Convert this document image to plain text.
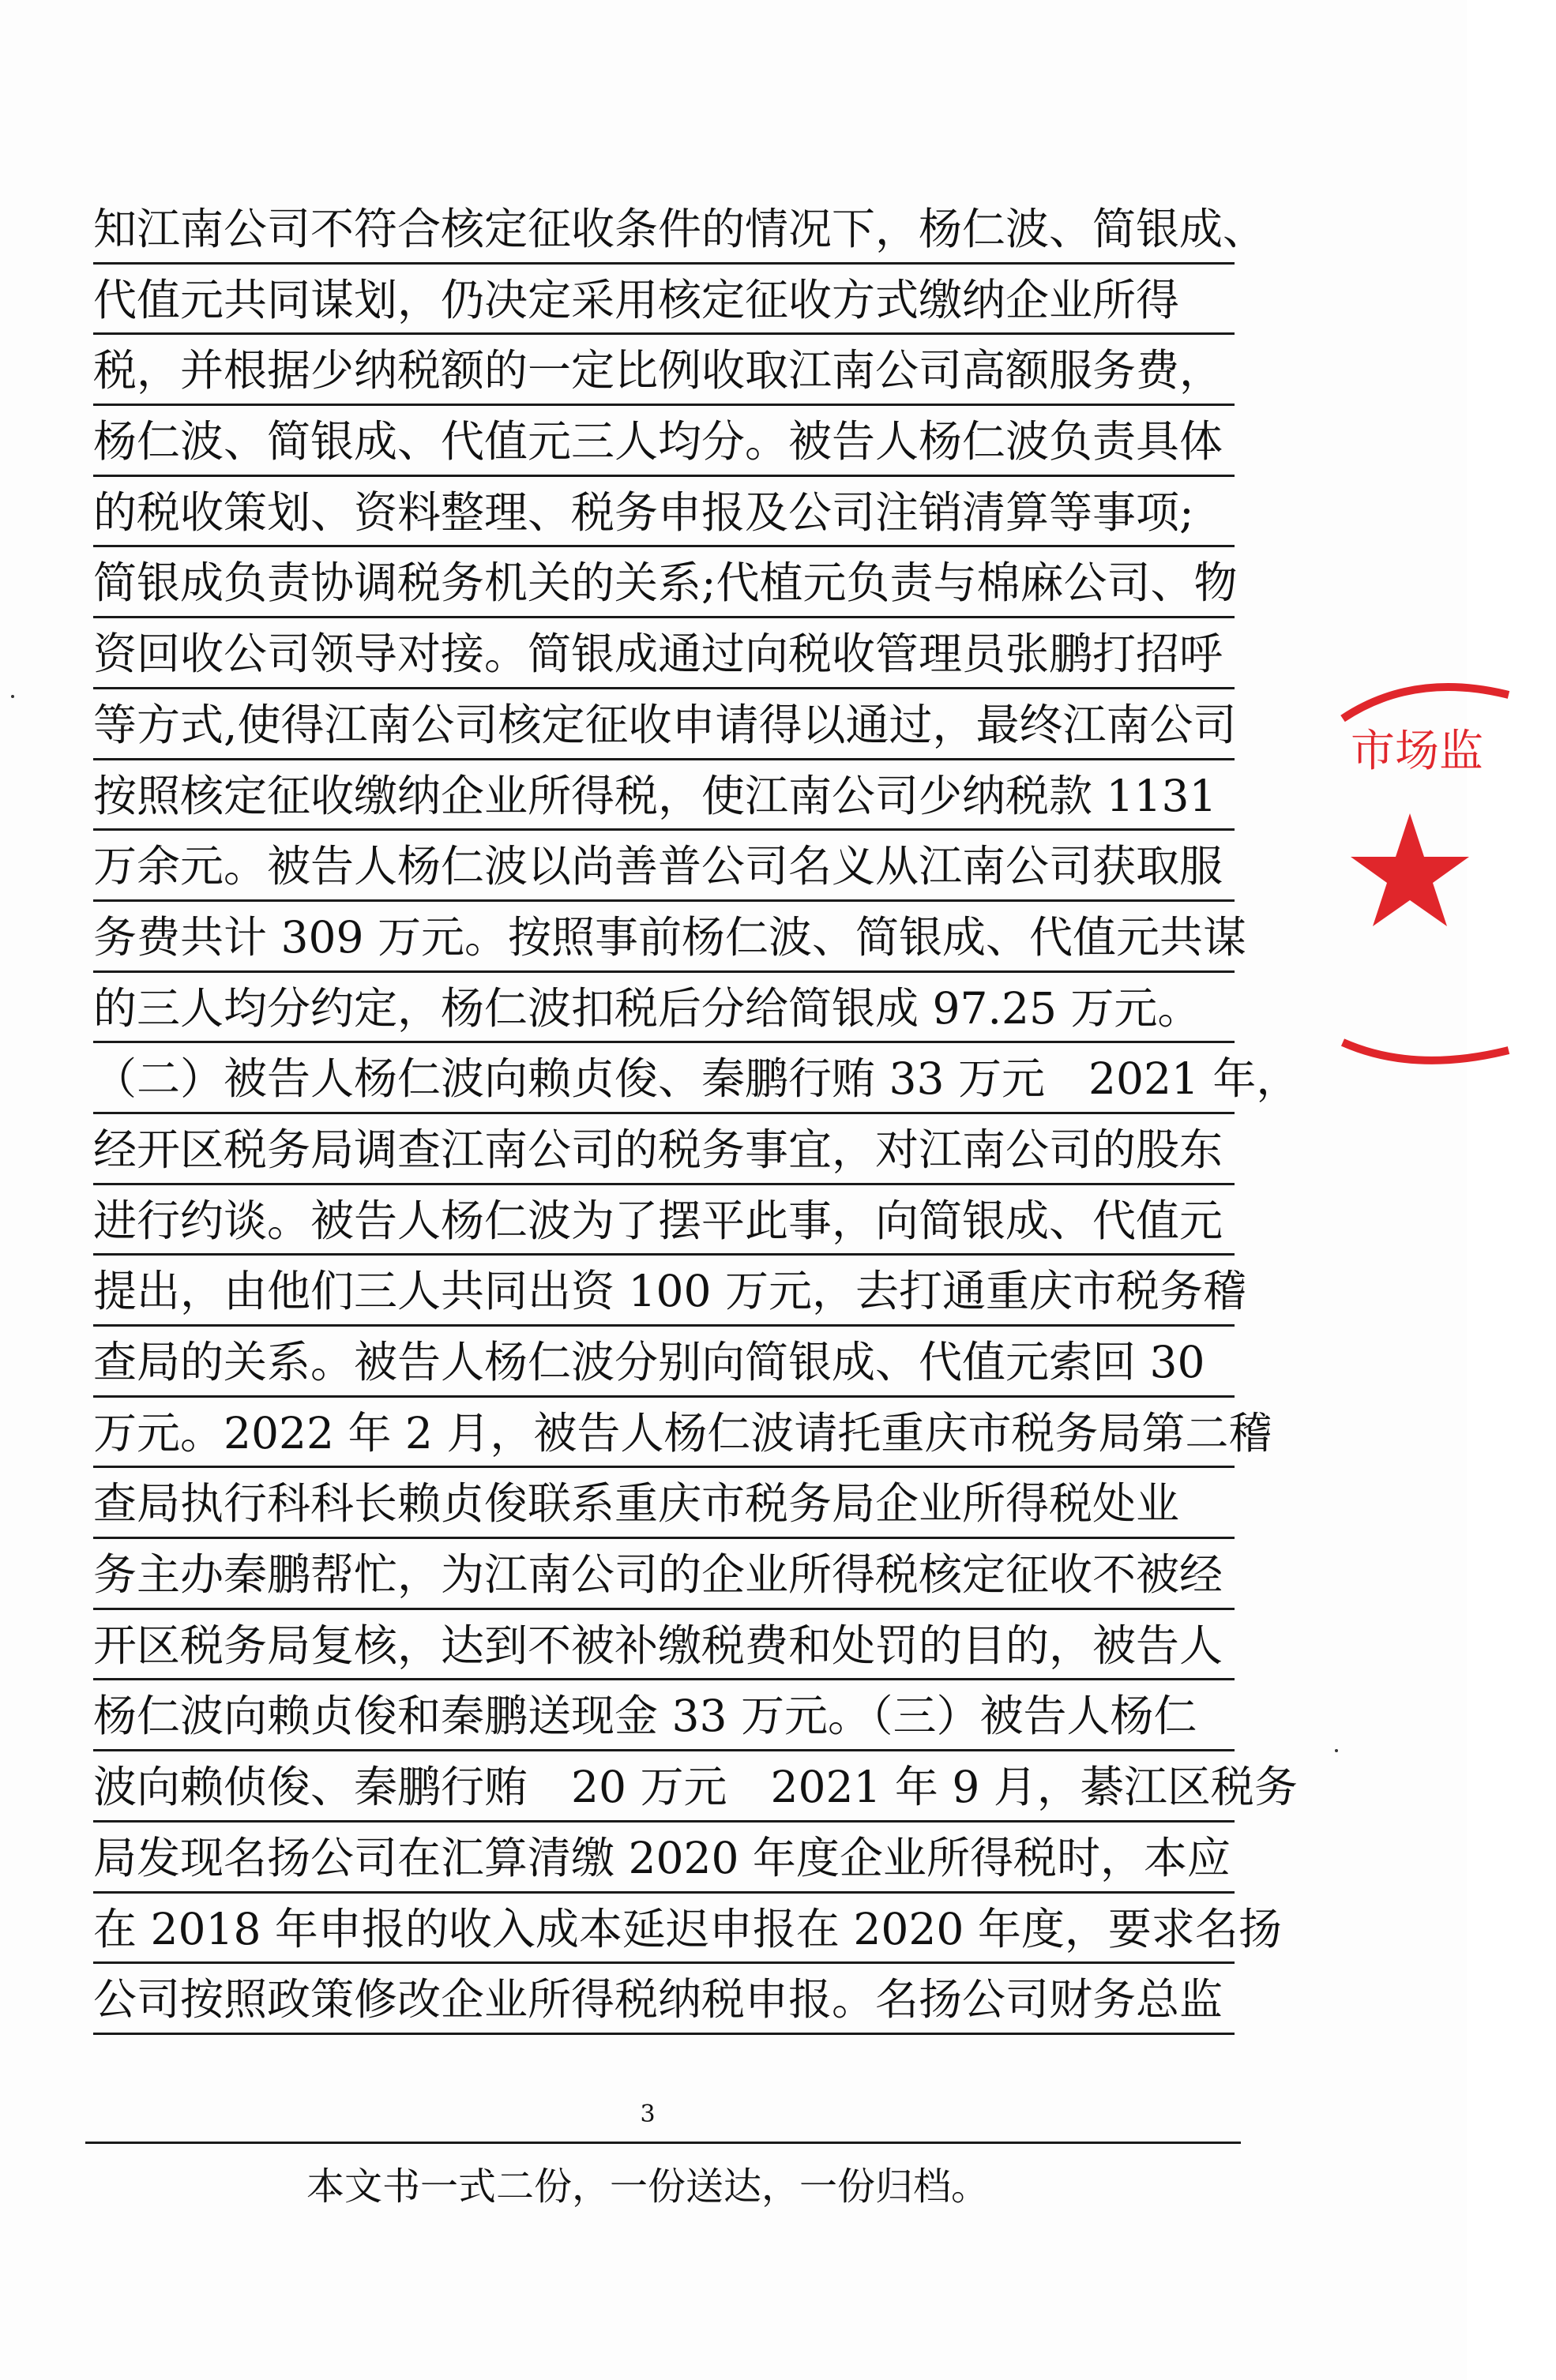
知江南公司不符合核定征收条件的情况下，杨仁波、简银成、
代值元共同谋划，仍决定采用核定征收方式缴纳企业所得
税，并根据少纳税额的一定比例收取江南公司高额服务费，
杨仁波、简银成、代值元三人均分。被告人杨仁波负责具体
的税收策划、资料整理、税务申报及公司注销清算等事项;
简银成负责协调税务机关的关系;代植元负责与棉麻公司、物
资回收公司领导对接。简银成通过向税收管理员张鹏打招呼
等方式,使得江南公司核定征收申请得以通过，最终江南公司
按照核定征收缴纳企业所得税，使江南公司少纳税款 1131
万余元。被告人杨仁波以尚善普公司名义从江南公司获取服
务费共计 309 万元。按照事前杨仁波、简银成、代值元共谋
的三人均分约定，杨仁波扣税后分给简银成 97.25 万元。
（二）被告人杨仁波向赖贞俊、秦鹏行贿 33 万元　2021 年，
经开区税务局调查江南公司的税务事宜，对江南公司的股东
进行约谈。被告人杨仁波为了摆平此事，向简银成、代值元
提出，由他们三人共同出资 100 万元，去打通重庆市税务稽
查局的关系。被告人杨仁波分别向简银成、代值元索回 30
万元。2022 年 2 月，被告人杨仁波请托重庆市税务局第二稽
查局执行科科长赖贞俊联系重庆市税务局企业所得税处业
务主办秦鹏帮忙，为江南公司的企业所得税核定征收不被经
开区税务局复核，达到不被补缴税费和处罚的目的，被告人
杨仁波向赖贞俊和秦鹏送现金 33 万元。（三）被告人杨仁
波向赖侦俊、秦鹏行贿　20 万元　2021 年 9 月，綦江区税务
局发现名扬公司在汇算清缴 2020 年度企业所得税时，本应
在 2018 年申报的收入成本延迟申报在 2020 年度，要求名扬
公司按照政策修改企业所得税纳税申报。名扬公司财务总监
市场监
3
本文书一式二份，一份送达，一份归档。
